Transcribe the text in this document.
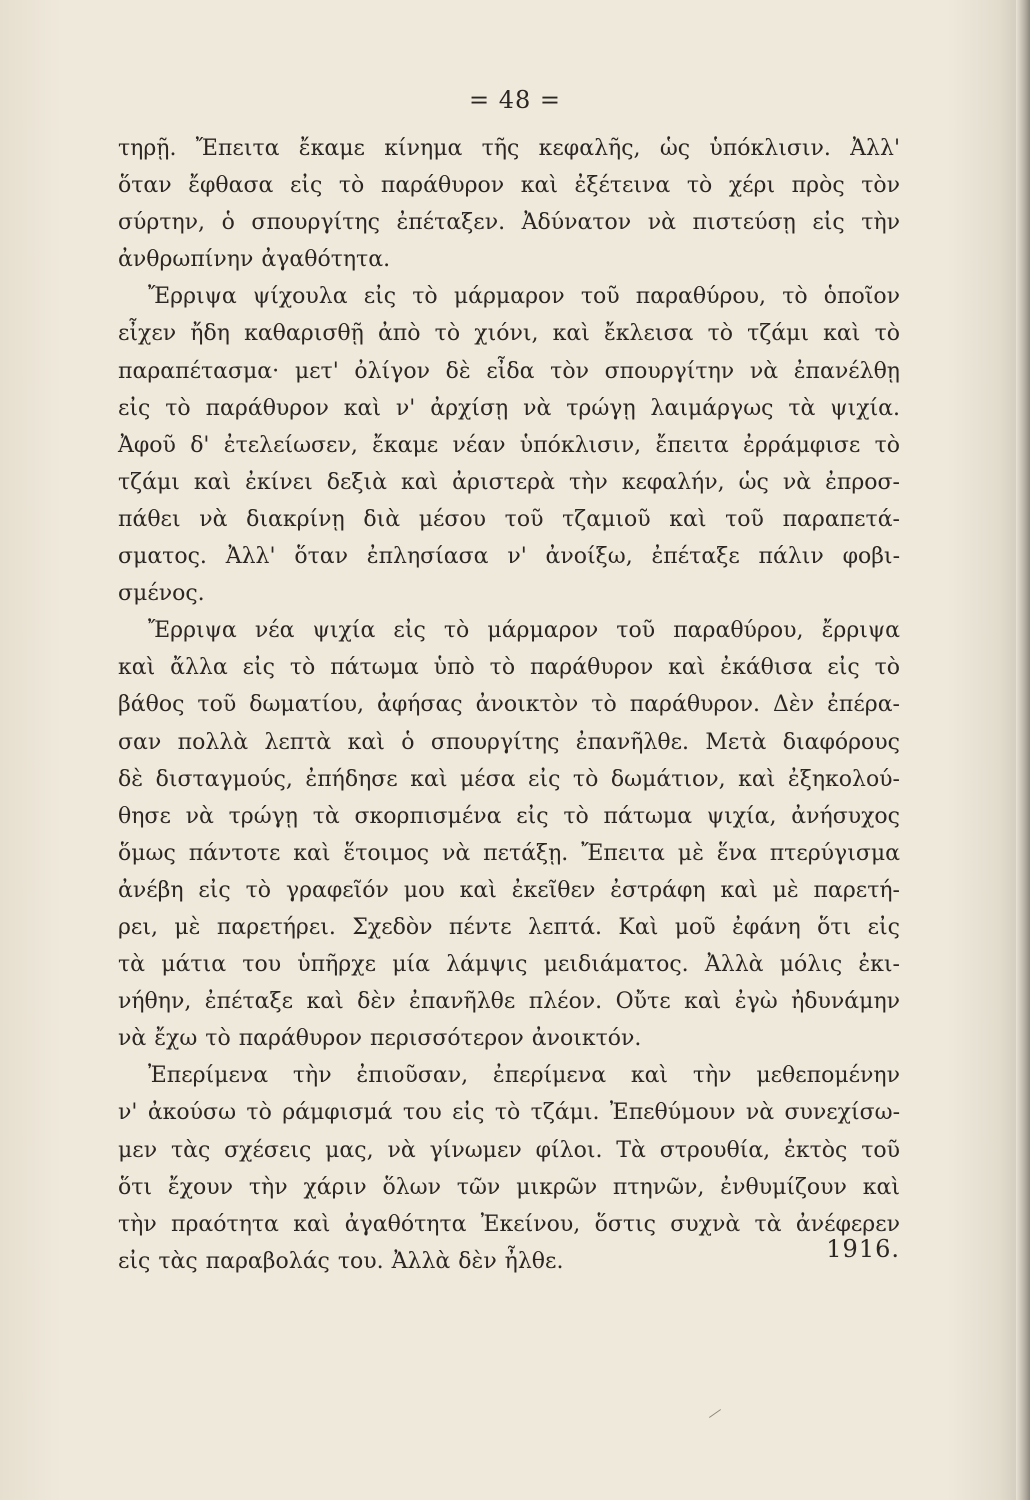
= 48 =

τηρῇ. Ἔπειτα ἔκαμε κίνημα τῆς κεφαλῆς, ὡς ὑπόκλισιν. Ἀλλ'

ὅταν ἔφθασα εἰς τὸ παράθυρον καὶ ἐξέτεινα τὸ χέρι πρὸς τὸν

σύρτην, ὁ σπουργίτης ἐπέταξεν. Ἀδύνατον νὰ πιστεύσῃ εἰς τὴν

ἀνθρωπίνην ἀγαθότητα.

Ἔρριψα ψίχουλα εἰς τὸ μάρμαρον τοῦ παραθύρου, τὸ ὁποῖον

εἶχεν ἤδη καθαρισθῇ ἀπὸ τὸ χιόνι, καὶ ἔκλεισα τὸ τζάμι καὶ τὸ

παραπέτασμα· μετ' ὀλίγον δὲ εἶδα τὸν σπουργίτην νὰ ἐπανέλθῃ

εἰς τὸ παράθυρον καὶ ν' ἀρχίσῃ νὰ τρώγῃ λαιμάργως τὰ ψιχία.

Ἀφοῦ δ' ἐτελείωσεν, ἔκαμε νέαν ὑπόκλισιν, ἔπειτα ἐρράμφισε τὸ

τζάμι καὶ ἐκίνει δεξιὰ καὶ ἀριστερὰ τὴν κεφαλήν, ὡς νὰ ἐπροσ-

πάθει νὰ διακρίνῃ διὰ μέσου τοῦ τζαμιοῦ καὶ τοῦ παραπετά-

σματος. Ἀλλ' ὅταν ἐπλησίασα ν' ἀνοίξω, ἐπέταξε πάλιν φοβι-

σμένος.

Ἔρριψα νέα ψιχία εἰς τὸ μάρμαρον τοῦ παραθύρου, ἔρριψα

καὶ ἄλλα εἰς τὸ πάτωμα ὑπὸ τὸ παράθυρον καὶ ἐκάθισα εἰς τὸ

βάθος τοῦ δωματίου, ἀφήσας ἀνοικτὸν τὸ παράθυρον. Δὲν ἐπέρα-

σαν πολλὰ λεπτὰ καὶ ὁ σπουργίτης ἐπανῆλθε. Μετὰ διαφόρους

δὲ δισταγμούς, ἐπήδησε καὶ μέσα εἰς τὸ δωμάτιον, καὶ ἐξηκολού-

θησε νὰ τρώγῃ τὰ σκορπισμένα εἰς τὸ πάτωμα ψιχία, ἀνήσυχος

ὅμως πάντοτε καὶ ἕτοιμος νὰ πετάξῃ. Ἔπειτα μὲ ἕνα πτερύγισμα

ἀνέβη εἰς τὸ γραφεῖόν μου καὶ ἐκεῖθεν ἐστράφη καὶ μὲ παρετή-

ρει, μὲ παρετήρει. Σχεδὸν πέντε λεπτά. Καὶ μοῦ ἐφάνη ὅτι εἰς

τὰ μάτια του ὑπῆρχε μία λάμψις μειδιάματος. Ἀλλὰ μόλις ἐκι-

νήθην, ἐπέταξε καὶ δὲν ἐπανῆλθε πλέον. Οὔτε καὶ ἐγὼ ἠδυνάμην

νὰ ἔχω τὸ παράθυρον περισσότερον ἀνοικτόν.

Ἐπερίμενα τὴν ἐπιοῦσαν, ἐπερίμενα καὶ τὴν μεθεπομένην

ν' ἀκούσω τὸ ράμφισμά του εἰς τὸ τζάμι. Ἐπεθύμουν νὰ συνεχίσω-

μεν τὰς σχέσεις μας, νὰ γίνωμεν φίλοι. Τὰ στρουθία, ἐκτὸς τοῦ

ὅτι ἔχουν τὴν χάριν ὅλων τῶν μικρῶν πτηνῶν, ἐνθυμίζουν καὶ

τὴν πραότητα καὶ ἀγαθότητα Ἐκείνου, ὅστις συχνὰ τὰ ἀνέφερεν

εἰς τὰς παραβολάς του. Ἀλλὰ δὲν ἦλθε.	1916.
